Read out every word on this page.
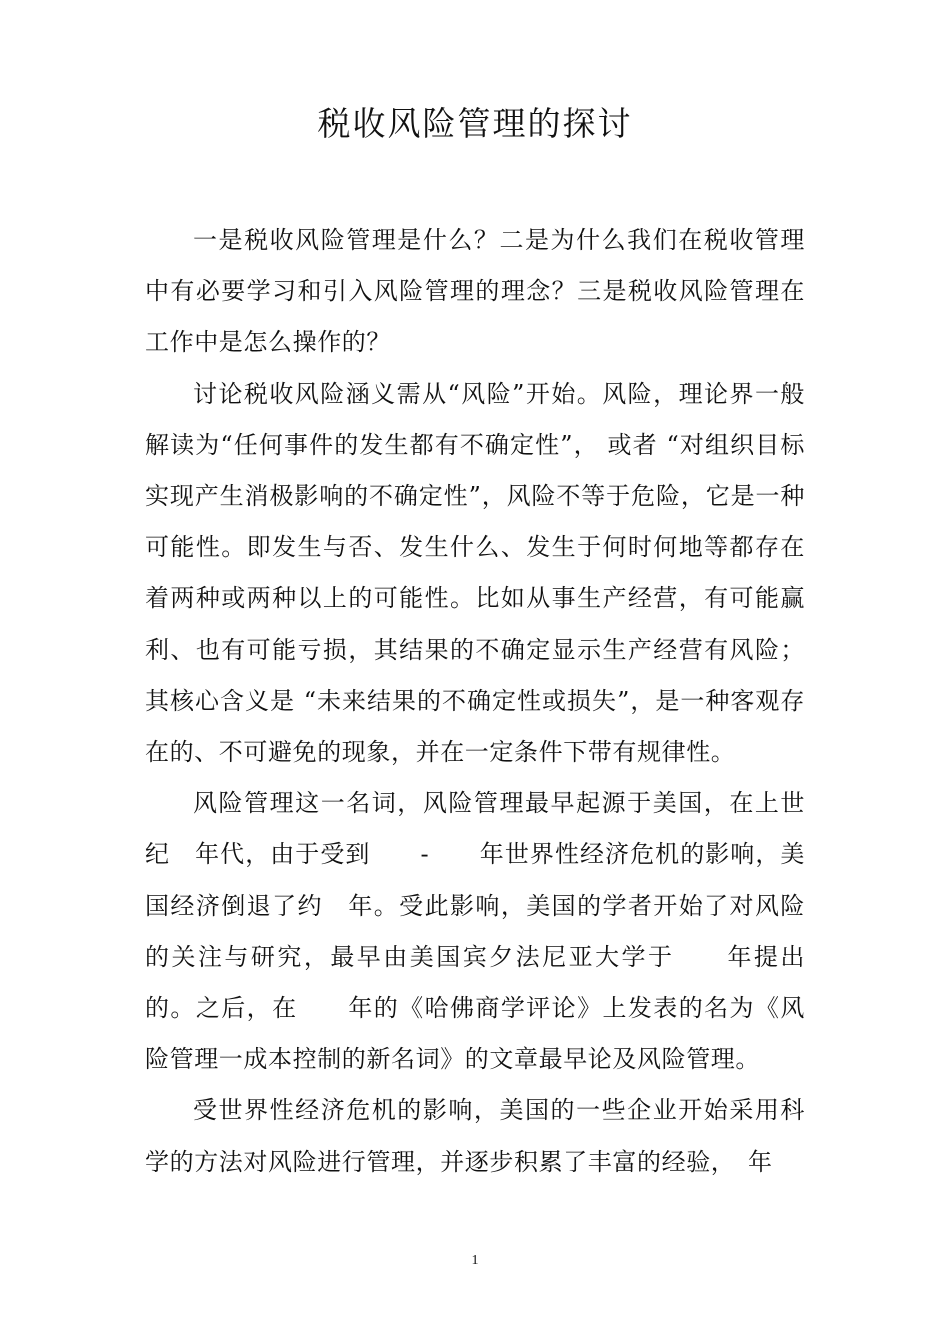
税收风险管理的探讨

一是税收风险管理是什么？二是为什么我们在税收管理中有必要学习和引入风险管理的理念？三是税收风险管理在工作中是怎么操作的？

讨论税收风险涵义需从“风险”开始。风险，理论界一般解读为“任何事件的发生都有不确定性”， 或者 “对组织目标实现产生消极影响的不确定性”，风险不等于危险，它是一种可能性。即发生与否、发生什么、发生于何时何地等都存在着两种或两种以上的可能性。比如从事生产经营，有可能赢利、也有可能亏损，其结果的不确定显示生产经营有风险；其核心含义是 “未来结果的不确定性或损失”，是一种客观存在的、不可避免的现象，并在一定条件下带有规律性。

风险管理这一名词，风险管理最早起源于美国，在上世纪　年代，由于受到　　-　　年世界性经济危机的影响，美国经济倒退了约　年。受此影响，美国的学者开始了对风险的关注与研究，最早由美国宾夕法尼亚大学于　　年提出的。之后，在　　年的《哈佛商学评论》上发表的名为《风险管理一成本控制的新名词》的文章最早论及风险管理。

受世界性经济危机的影响，美国的一些企业开始采用科学的方法对风险进行管理，并逐步积累了丰富的经验，　年

1
